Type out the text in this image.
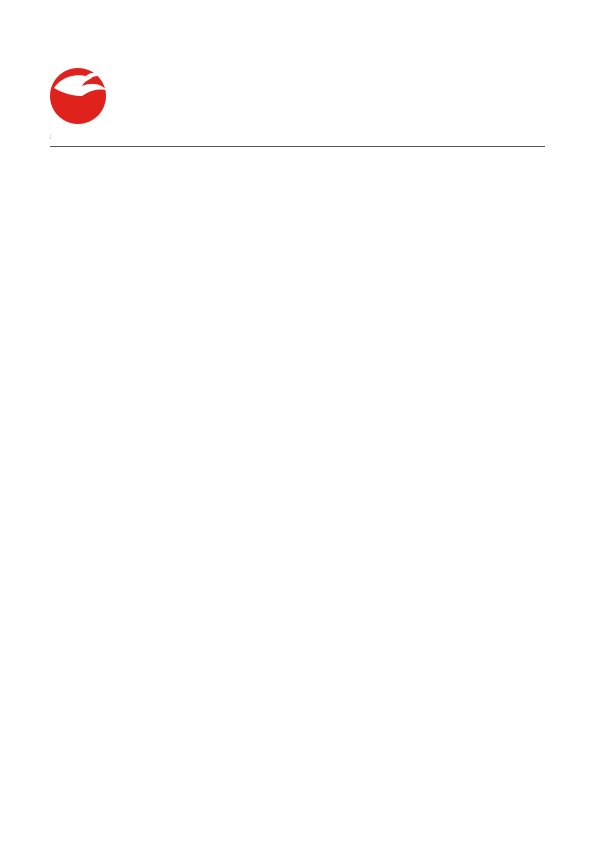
;
